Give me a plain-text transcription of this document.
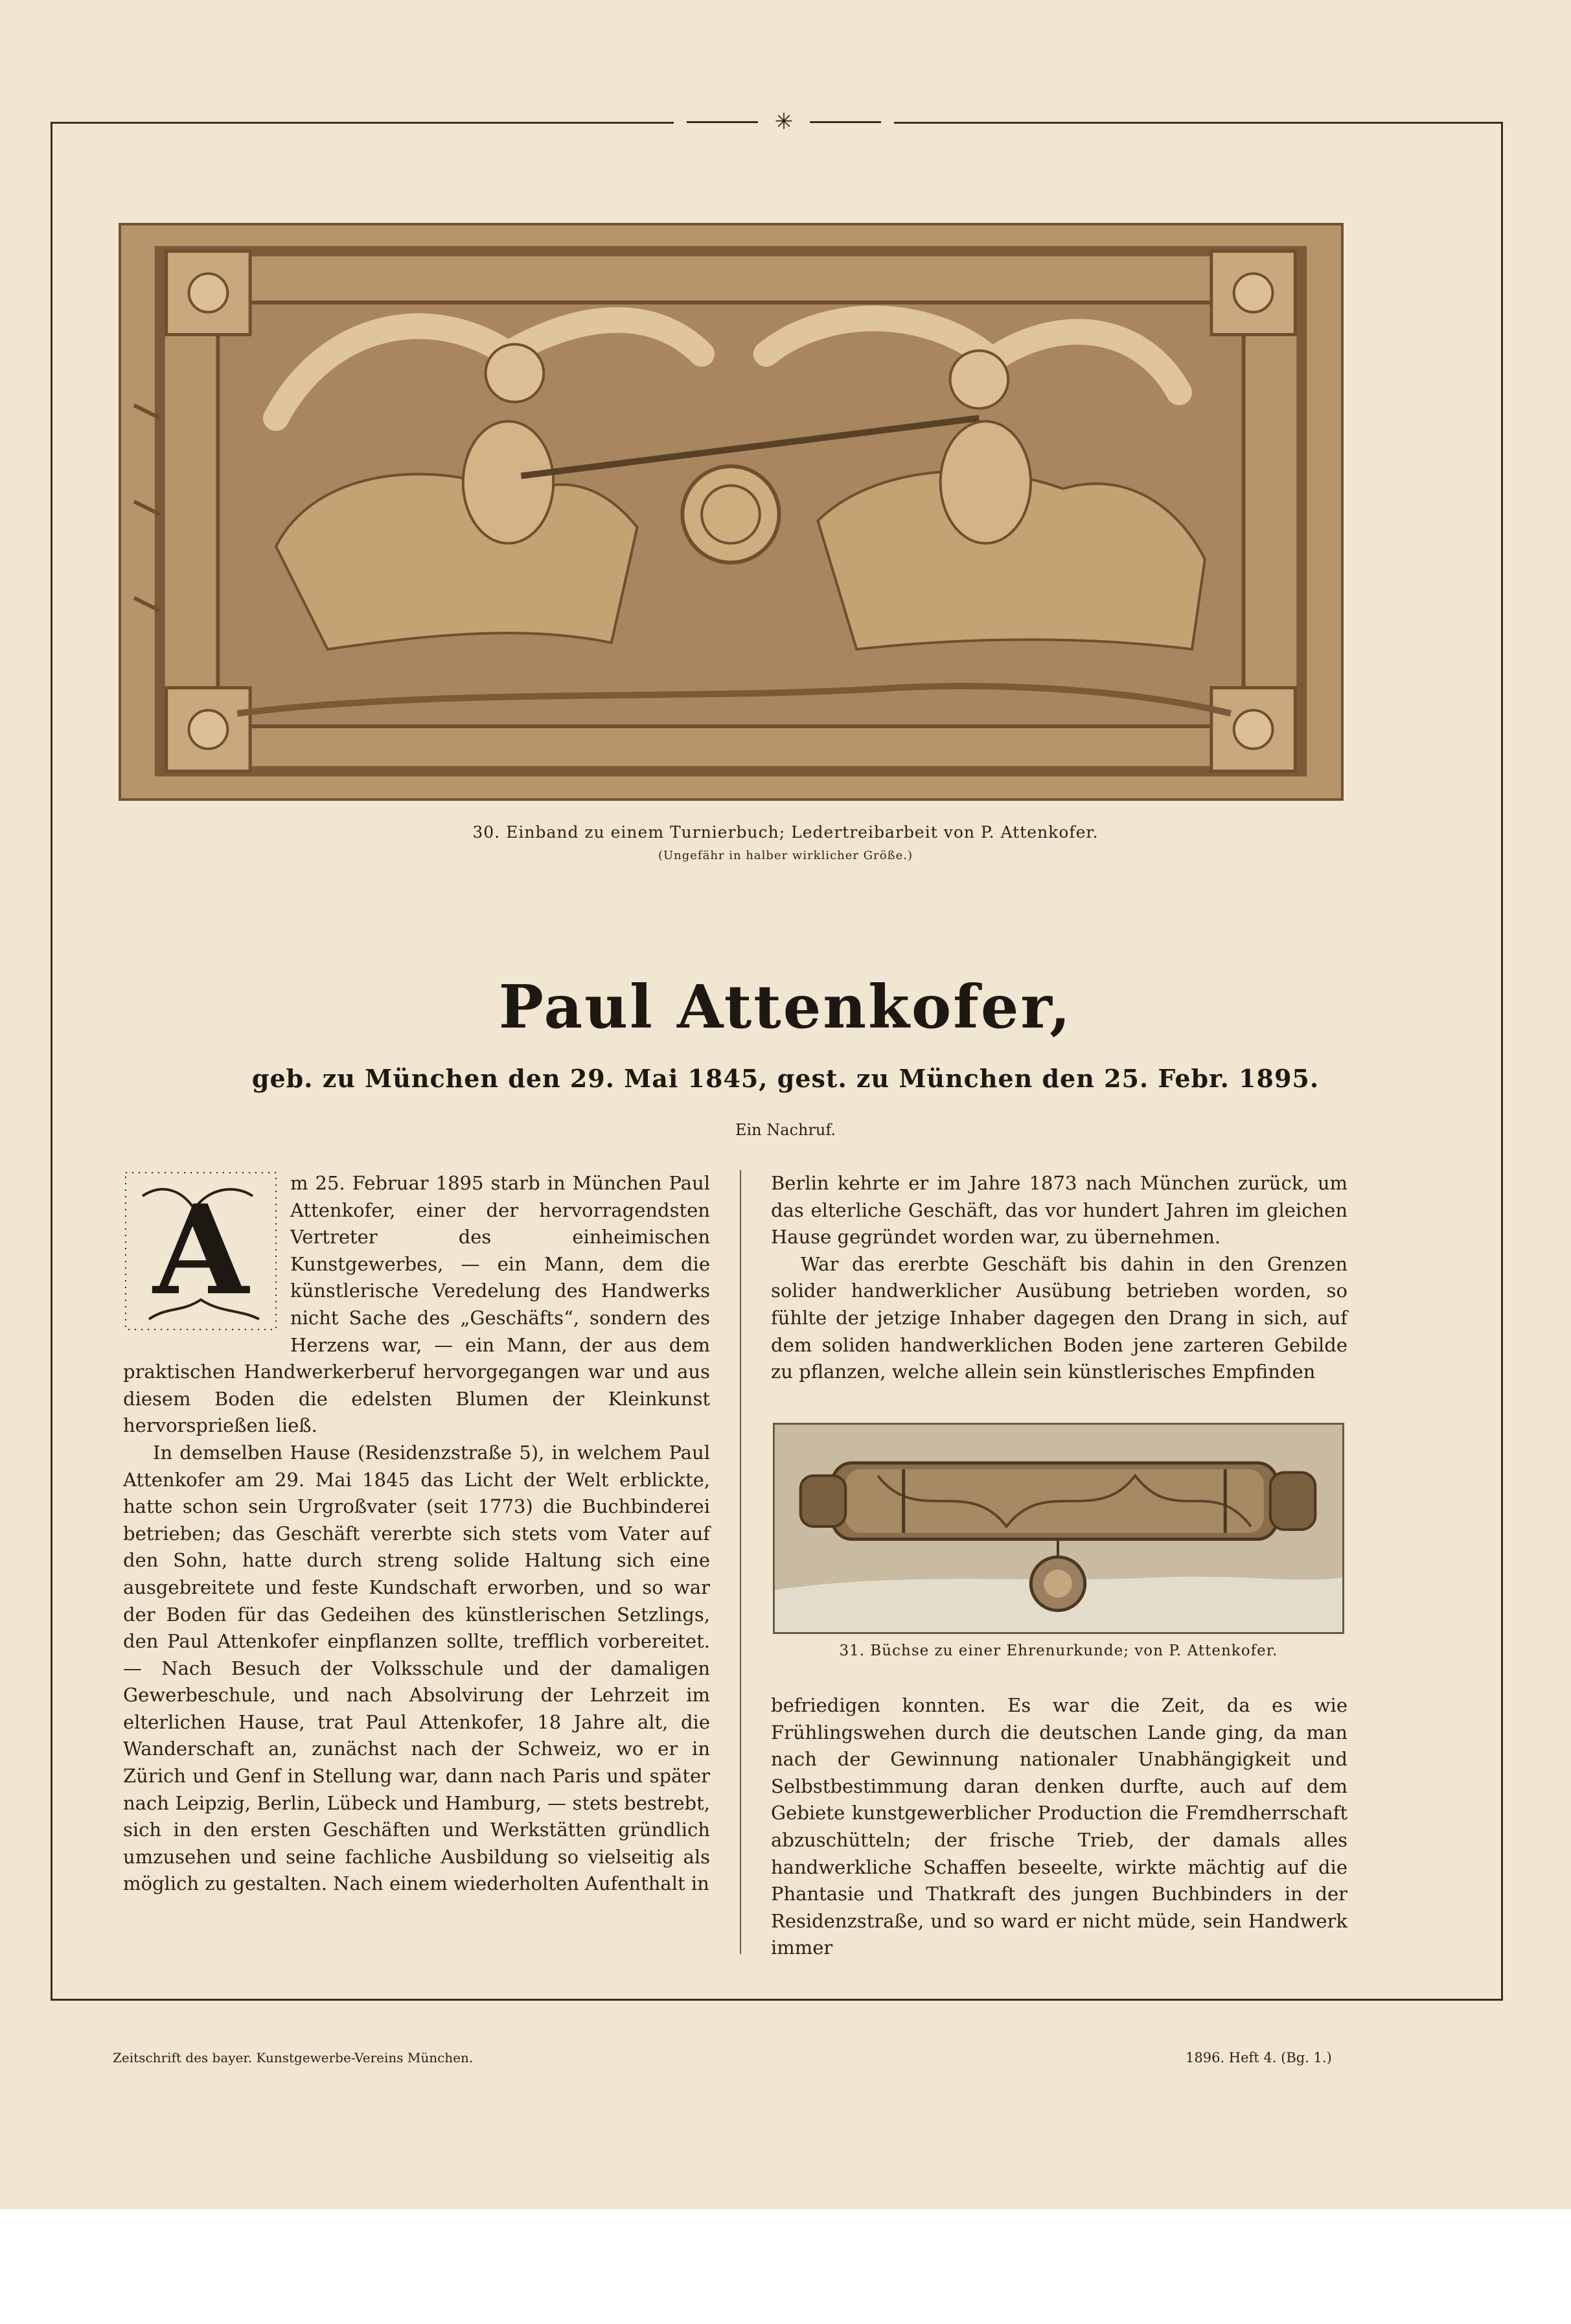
✳
30. Einband zu einem Turnierbuch; Ledertreibarbeit von P. Attenkofer.
(Ungefähr in halber wirklicher Größe.)
Paul Attenkofer,
geb. zu München den 29. Mai 1845, gest. zu München den 25. Febr. 1895.
Ein Nachruf.

A m 25. Februar 1895 starb in München Paul Attenkofer, einer der hervorragendsten Vertreter des einheimischen Kunstgewerbes, — ein Mann, dem die künstlerische Veredelung des Handwerks nicht Sache des „Geschäfts“, sondern des Herzens war, — ein Mann, der aus dem praktischen Handwerkerberuf hervorgegangen war und aus diesem Boden die edelsten Blumen der Kleinkunst hervorsprießen ließ.

In demselben Hause (Residenzstraße 5), in welchem Paul Attenkofer am 29. Mai 1845 das Licht der Welt erblickte, hatte schon sein Urgroßvater (seit 1773) die Buchbinderei betrieben; das Geschäft vererbte sich stets vom Vater auf den Sohn, hatte durch streng solide Haltung sich eine ausgebreitete und feste Kundschaft erworben, und so war der Boden für das Gedeihen des künstlerischen Setzlings, den Paul Attenkofer einpflanzen sollte, trefflich vorbereitet. — Nach Besuch der Volksschule und der damaligen Gewerbeschule, und nach Absolvirung der Lehrzeit im elterlichen Hause, trat Paul Attenkofer, 18 Jahre alt, die Wanderschaft an, zunächst nach der Schweiz, wo er in Zürich und Genf in Stellung war, dann nach Paris und später nach Leipzig, Berlin, Lübeck und Hamburg, — stets bestrebt, sich in den ersten Geschäften und Werkstätten gründlich umzusehen und seine fachliche Ausbildung so vielseitig als möglich zu gestalten. Nach einem wiederholten Aufenthalt in

Berlin kehrte er im Jahre 1873 nach München zurück, um das elterliche Geschäft, das vor hundert Jahren im gleichen Hause gegründet worden war, zu übernehmen.

War das ererbte Geschäft bis dahin in den Grenzen solider handwerklicher Ausübung betrieben worden, so fühlte der jetzige Inhaber dagegen den Drang in sich, auf dem soliden handwerklichen Boden jene zarteren Gebilde zu pflanzen, welche allein sein künstlerisches Empfinden

31. Büchse zu einer Ehrenurkunde; von P. Attenkofer.

befriedigen konnten. Es war die Zeit, da es wie Frühlingswehen durch die deutschen Lande ging, da man nach der Gewinnung nationaler Unabhängigkeit und Selbstbestimmung daran denken durfte, auch auf dem Gebiete kunstgewerblicher Production die Fremdherrschaft abzuschütteln; der frische Trieb, der damals alles handwerkliche Schaffen beseelte, wirkte mächtig auf die Phantasie und Thatkraft des jungen Buchbinders in der Residenzstraße, und so ward er nicht müde, sein Handwerk immer

Zeitschrift des bayer. Kunstgewerbe-Vereins München.	1896. Heft 4. (Bg. 1.)
